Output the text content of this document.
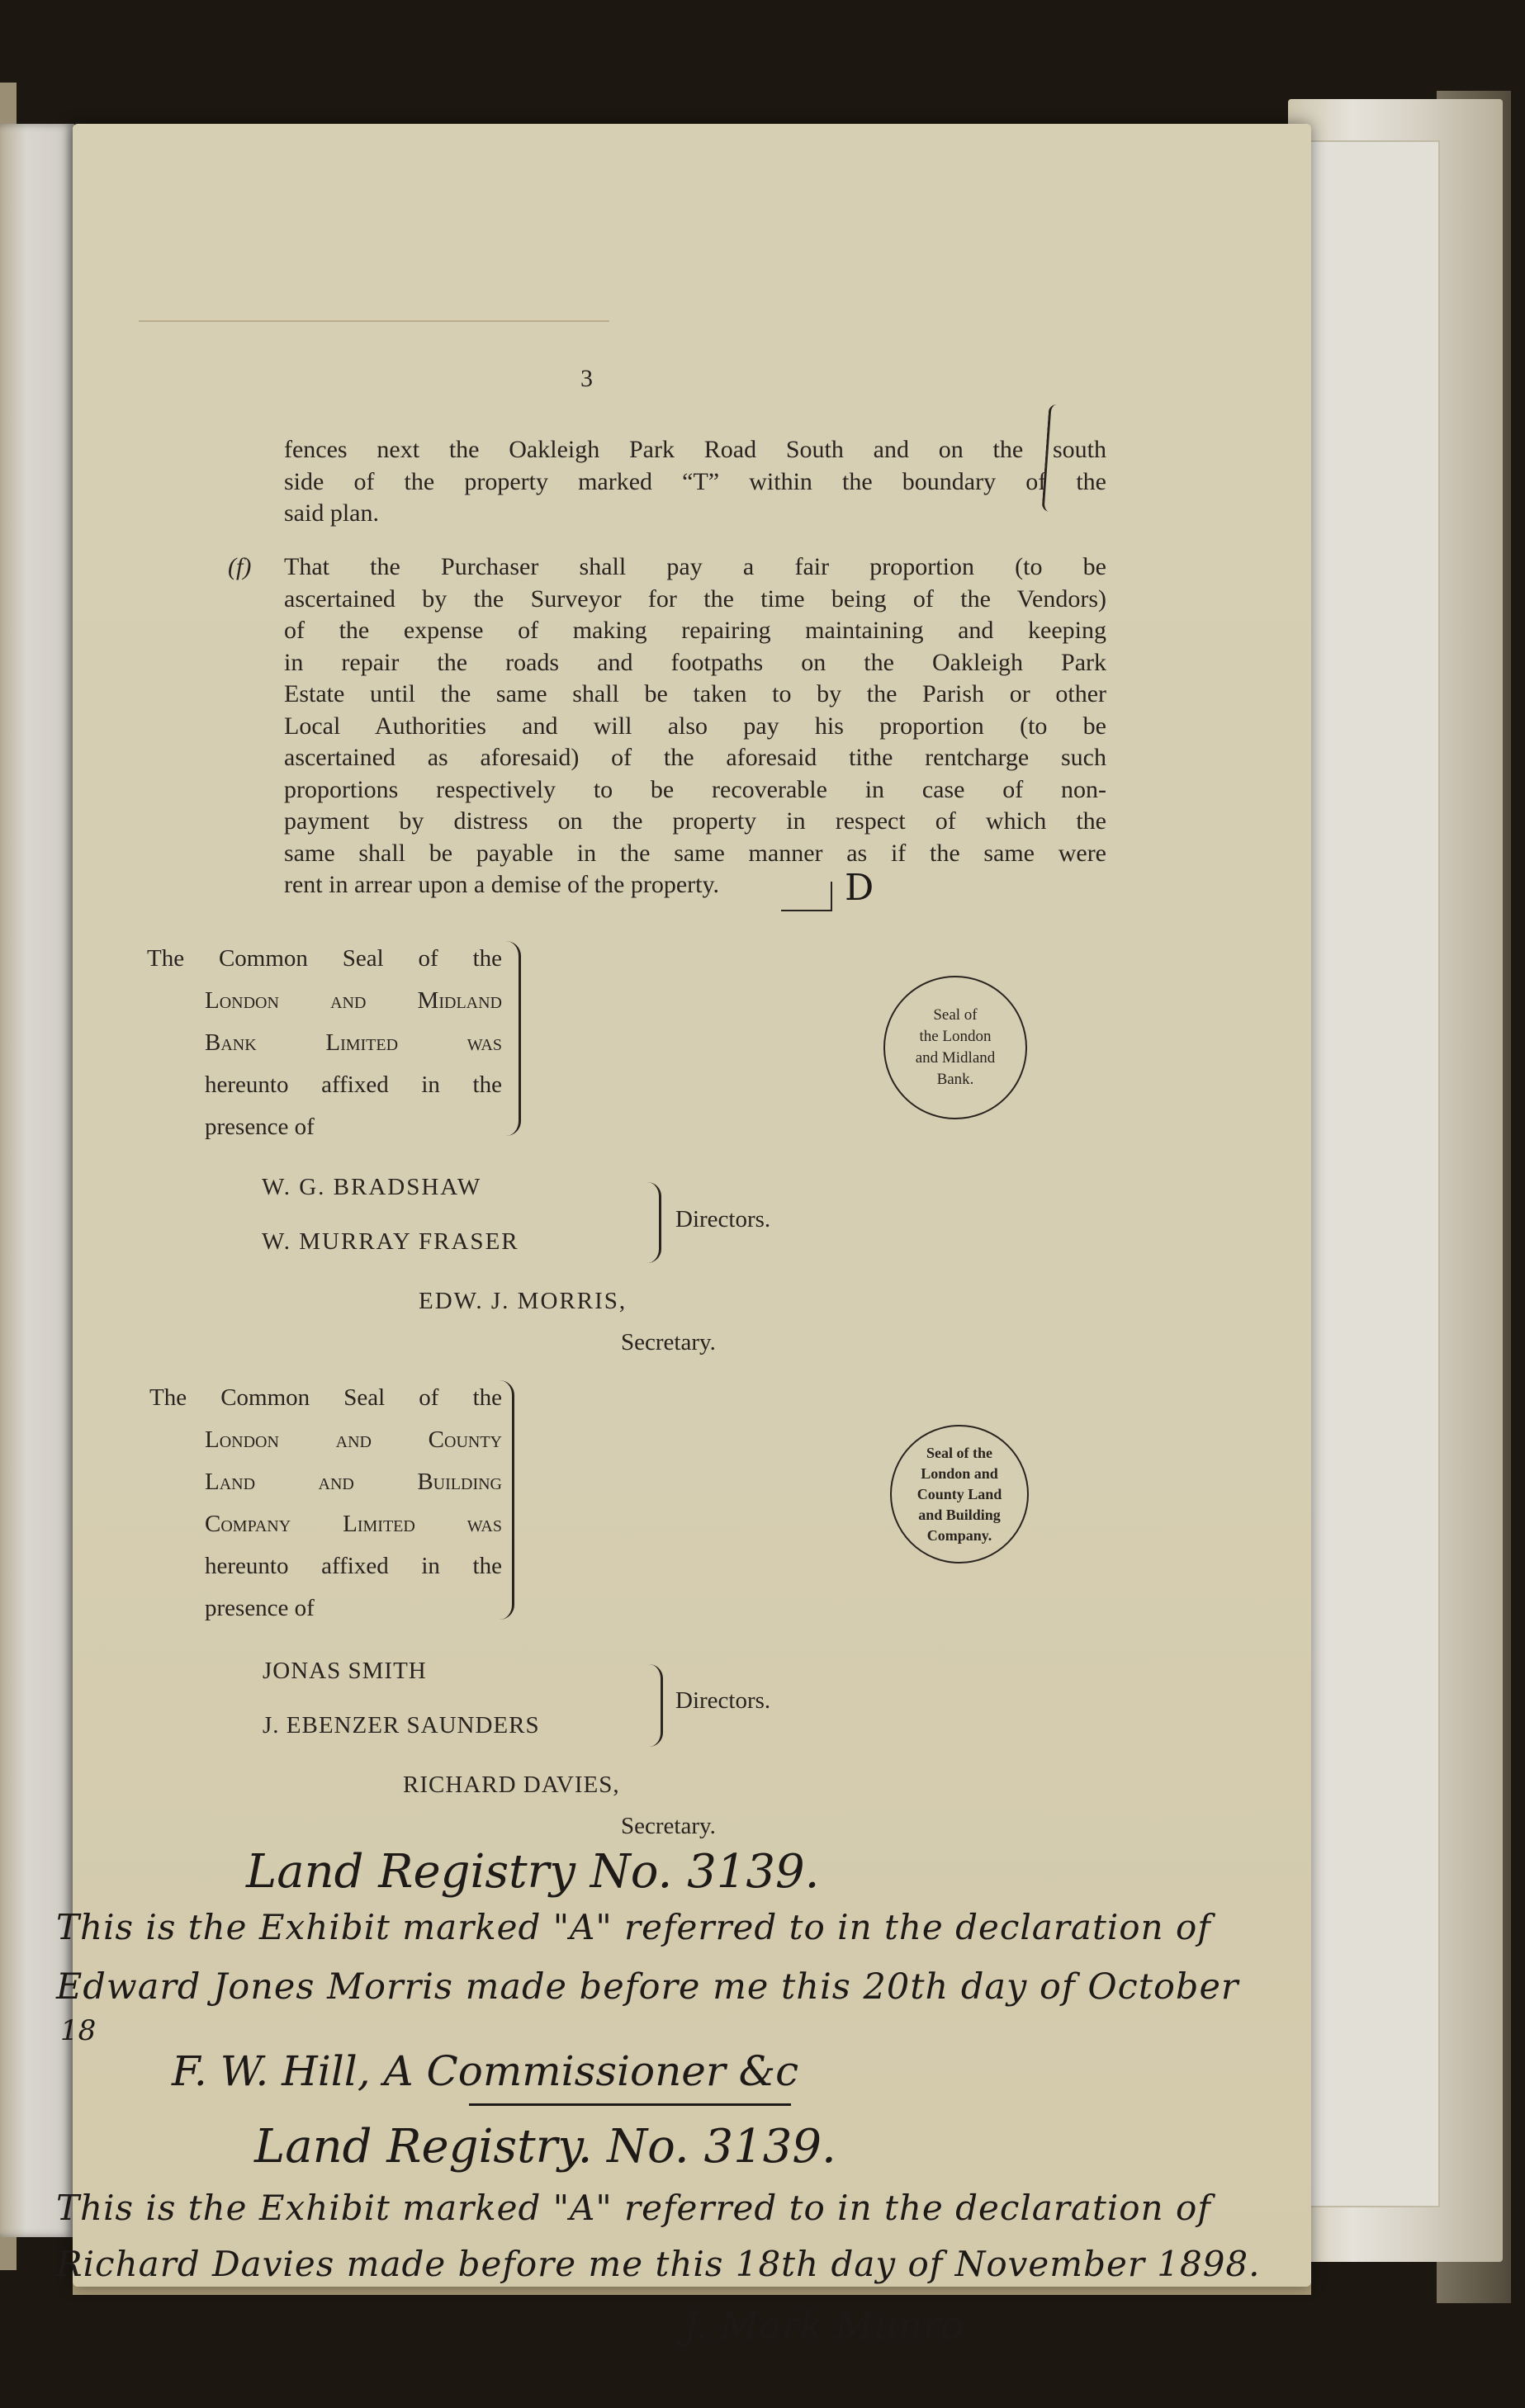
3

fences next the Oakleigh Park Road South and on the south

side of the property marked “T” within the boundary of the

said plan.

(f) That the Purchaser shall pay a fair proportion (to be

ascertained by the Surveyor for the time being of the Vendors)

of the expense of making repairing maintaining and keeping

in repair the roads and footpaths on the Oakleigh Park

Estate until the same shall be taken to by the Parish or other

Local Authorities and will also pay his proportion (to be

ascertained as aforesaid) of the aforesaid tithe rentcharge such

proportions respectively to be recoverable in case of non-

payment by distress on the property in respect of which the

same shall be payable in the same manner as if the same were

rent in arrear upon a demise of the property.	D
The Common Seal of the
London and Midland
Bank Limited was
hereunto affixed in the
presence of
Seal of
the London
and Midland
Bank.
W. G. BRADSHAW
W. MURRAY FRASER
Directors.
EDW. J. MORRIS,
Secretary.
The Common Seal of the
London and County
Land and Building
Company Limited was
hereunto affixed in the
presence of
Seal of the
London and
County Land
and Building
Company.
JONAS SMITH
J. EBENZER SAUNDERS
Directors.
RICHARD DAVIES,
Secretary.
Land Registry No. 3139.
This is the Exhibit marked "A" referred to in the declaration of
Edward Jones Morris made before me this 20th day of October
18
F. W. Hill, A Commissioner &c
Land Registry. No. 3139.
This is the Exhibit marked "A" referred to in the declaration of
Richard Davies made before me this 18th day of November 1898.
J. Mark Munro
